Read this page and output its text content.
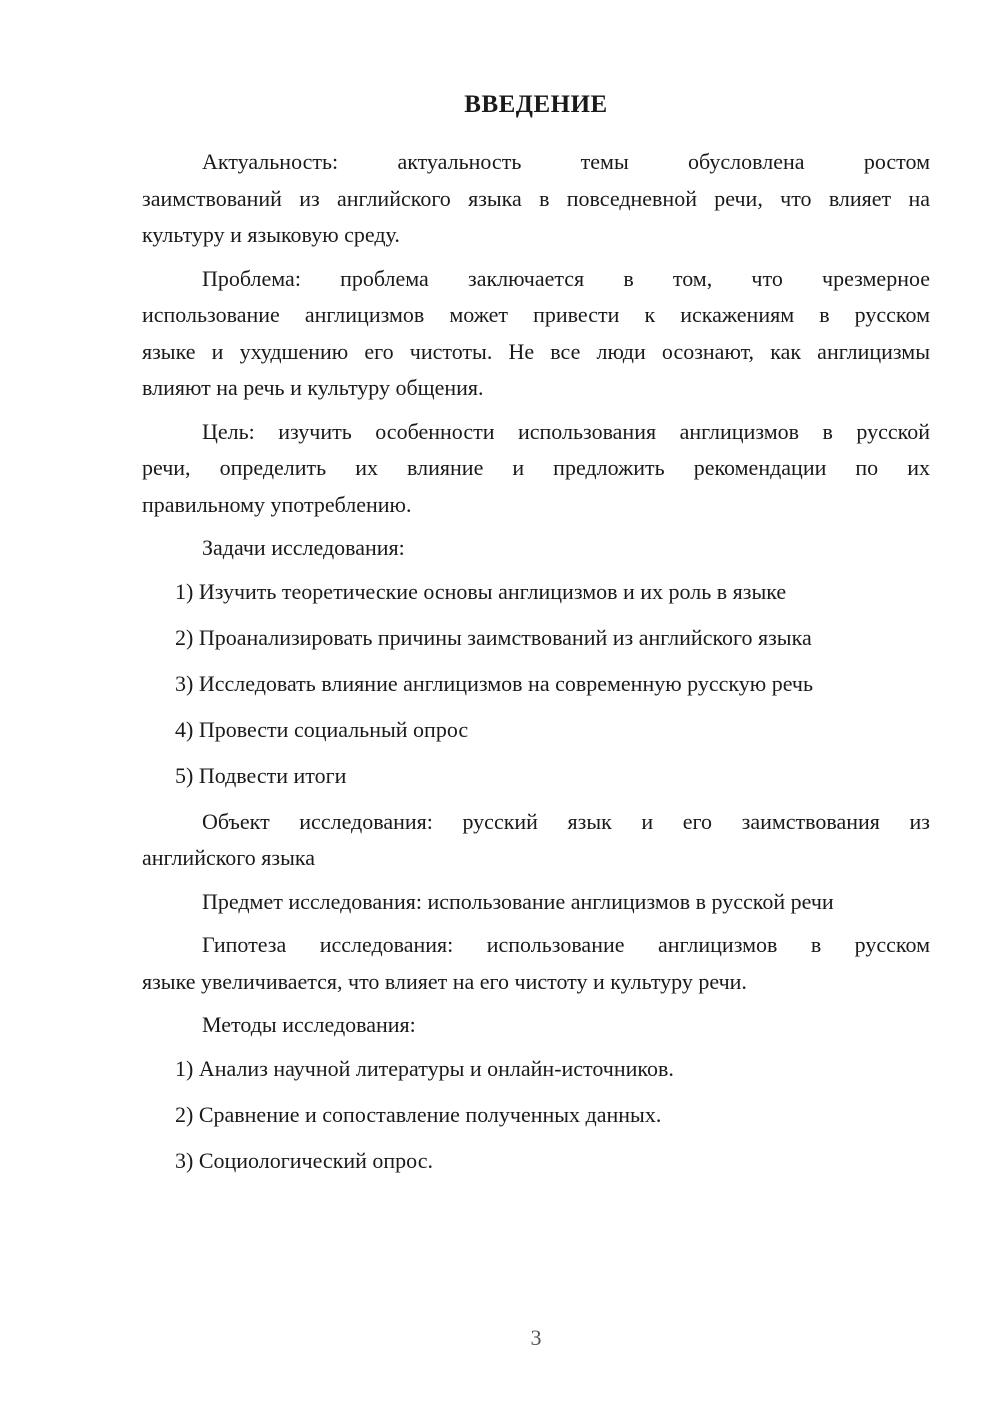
ВВЕДЕНИЕ
Актуальность: актуальность темы обусловлена ростом
заимствований из английского языка в повседневной речи, что влияет на
культуру и языковую среду.
Проблема: проблема заключается в том, что чрезмерное
использование англицизмов может привести к искажениям в русском
языке и ухудшению его чистоты. Не все люди осознают, как англицизмы
влияют на речь и культуру общения.
Цель: изучить особенности использования англицизмов в русской
речи, определить их влияние и предложить рекомендации по их
правильному употреблению.
Задачи исследования:
1) Изучить теоретические основы англицизмов и их роль в языке
2) Проанализировать причины заимствований из английского языка
3) Исследовать влияние англицизмов на современную русскую речь
4) Провести социальный опрос
5) Подвести итоги
Объект исследования: русский язык и его заимствования из
английского языка
Предмет исследования: использование англицизмов в русской речи
Гипотеза исследования: использование англицизмов в русском
языке увеличивается, что влияет на его чистоту и культуру речи.
Методы исследования:
1) Анализ научной литературы и онлайн-источников.
2) Сравнение и сопоставление полученных данных.
3) Социологический опрос.
3
